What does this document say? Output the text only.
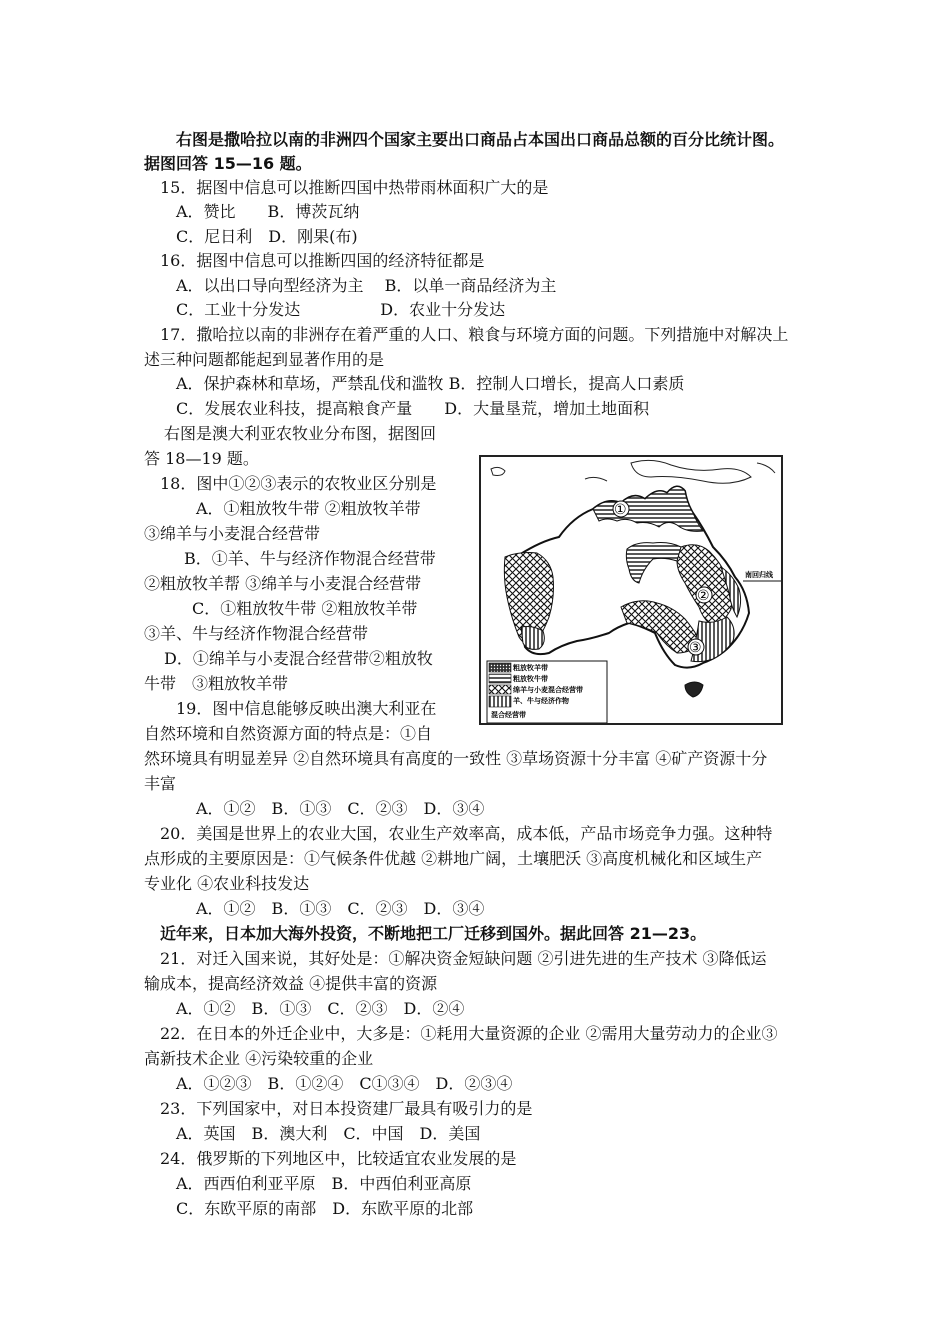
右图是撒哈拉以南的非洲四个国家主要出口商品占本国出口商品总额的百分比统计图。
据图回答 15—16 题。
15．据图中信息可以推断四国中热带雨林面积广大的是
A．赞比　　B．博茨瓦纳
C．尼日利　D．刚果(布)
16．据图中信息可以推断四国的经济特征都是
A．以出口导向型经济为主　 B．以单一商品经济为主
C．工业十分发达　　　　　D．农业十分发达
17．撒哈拉以南的非洲存在着严重的人口、粮食与环境方面的问题。下列措施中对解决上
述三种问题都能起到显著作用的是
A．保护森林和草场，严禁乱伐和滥牧 B．控制人口增长，提高人口素质
C．发展农业科技，提高粮食产量　　D．大量垦荒，增加土地面积
右图是澳大利亚农牧业分布图，据图回
答 18—19 题。
18．图中①②③表示的农牧业区分别是
A．①粗放牧牛带 ②粗放牧羊带
③绵羊与小麦混合经营带
B．①羊、牛与经济作物混合经营带
②粗放牧羊帮 ③绵羊与小麦混合经营带
C．①粗放牧牛带 ②粗放牧羊带
③羊、牛与经济作物混合经营带
D．①绵羊与小麦混合经营带②粗放牧
牛带　③粗放牧羊带
19．图中信息能够反映出澳大利亚在
自然环境和自然资源方面的特点是：①自
然环境具有明显差异 ②自然环境具有高度的一致性 ③草场资源十分丰富 ④矿产资源十分
丰富
A．①②　B．①③　C．②③　D．③④
20．美国是世界上的农业大国，农业生产效率高，成本低，产品市场竞争力强。这种特
点形成的主要原因是：①气候条件优越 ②耕地广阔，土壤肥沃 ③高度机械化和区域生产
专业化 ④农业科技发达
A．①②　B．①③　C．②③　D．③④
近年来，日本加大海外投资，不断地把工厂迁移到国外。据此回答 21—23。
21．对迁入国来说，其好处是：①解决资金短缺问题 ②引进先进的生产技术 ③降低运
输成本，提高经济效益 ④提供丰富的资源
A．①②　B．①③　C．②③　D．②④
22．在日本的外迁企业中，大多是：①耗用大量资源的企业 ②需用大量劳动力的企业③
高新技术企业 ④污染较重的企业
A．①②③　B．①②④　C①③④　D．②③④
23．下列国家中，对日本投资建厂最具有吸引力的是
A．英国　B．澳大利　C．中国　D．美国
24．俄罗斯的下列地区中，比较适宜农业发展的是
A．西西伯利亚平原　B．中西伯利亚高原
C．东欧平原的南部　D．东欧平原的北部
南回归线
①
②
③
粗放牧羊带
粗放牧牛带
绵羊与小麦混合经营带
羊、牛与经济作物
混合经营带
